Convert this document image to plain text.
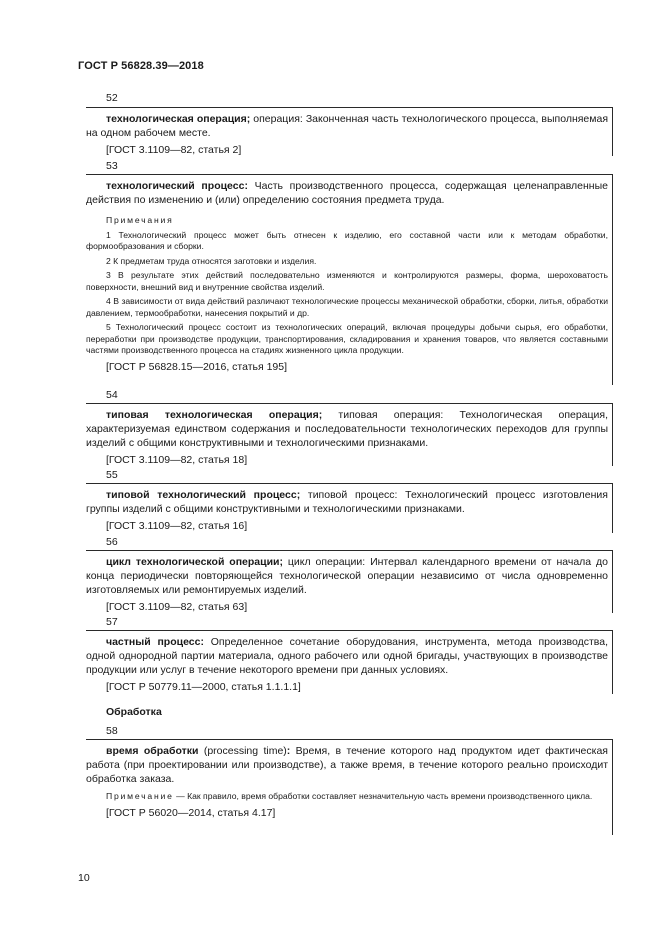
ГОСТ Р 56828.39—2018
52

технологическая операция; операция: Законченная часть технологического процесса, выполняемая на одном рабочем месте.

[ГОСТ 3.1109—82, статья 2]

53

технологический процесс: Часть производственного процесса, содержащая целенаправленные действия по изменению и (или) определению состояния предмета труда.

Примечания

1 Технологический процесс может быть отнесен к изделию, его составной части или к методам обработки, формообразования и сборки.

2 К предметам труда относятся заготовки и изделия.

3 В результате этих действий последовательно изменяются и контролируются размеры, форма, шероховатость поверхности, внешний вид и внутренние свойства изделий.

4 В зависимости от вида действий различают технологические процессы механической обработки, сборки, литья, обработки давлением, термообработки, нанесения покрытий и др.

5 Технологический процесс состоит из технологических операций, включая процедуры добычи сырья, его обработки, переработки при производстве продукции, транспортирования, складирования и хранения товаров, что является составными частями производственного процесса на стадиях жизненного цикла продукции.

[ГОСТ Р 56828.15—2016, статья 195]

54

типовая технологическая операция; типовая операция: Технологическая операция, характеризуемая единством содержания и последовательности технологических переходов для группы изделий с общими конструктивными и технологическими признаками.

[ГОСТ 3.1109—82, статья 18]

55

типовой технологический процесс; типовой процесс: Технологический процесс изготовления группы изделий с общими конструктивными и технологическими признаками.

[ГОСТ 3.1109—82, статья 16]

56

цикл технологической операции; цикл операции: Интервал календарного времени от начала до конца периодически повторяющейся технологической операции независимо от числа одновременно изготовляемых или ремонтируемых изделий.

[ГОСТ 3.1109—82, статья 63]

57

частный процесс: Определенное сочетание оборудования, инструмента, метода производства, одной однородной партии материала, одного рабочего или одной бригады, участвующих в производстве продукции или услуг в течение некоторого времени при данных условиях.

[ГОСТ Р 50779.11—2000, статья 1.1.1.1]

Обработка
58

время обработки (processing time): Время, в течение которого над продуктом идет фактическая работа (при проектировании или производстве), а также время, в течение которого реально происходит обработка заказа.

Примечание — Как правило, время обработки составляет незначительную часть времени производственного цикла.

[ГОСТ Р 56020—2014, статья 4.17]

10
